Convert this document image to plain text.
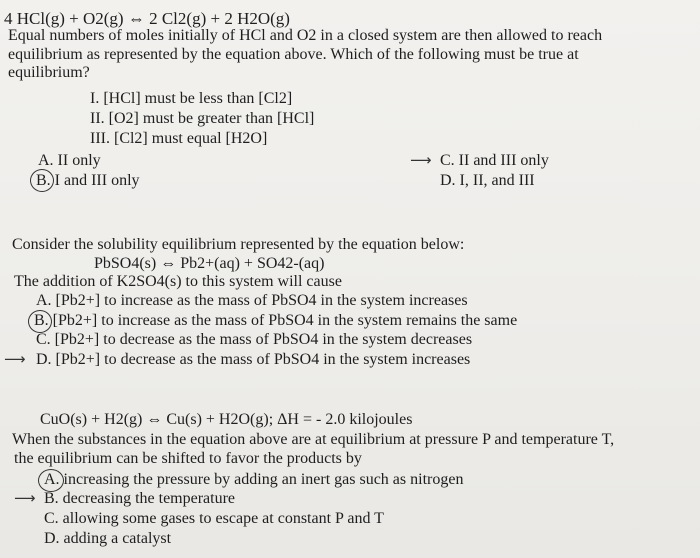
4 HCl(g) + O2(g) ⇔ 2 Cl2(g) + 2 H2O(g)
Equal numbers of moles initially of HCl and O2 in a closed system are then allowed to reach
equilibrium as represented by the equation above. Which of the following must be true at
equilibrium?
I. [HCl] must be less than [Cl2]
II. [O2] must be greater than [HCl]
III. [Cl2] must equal [H2O]
A. II only
B. I and III only
⟶ C. II and III only
D. I, II, and III
Consider the solubility equilibrium represented by the equation below:
PbSO4(s) ⇔ Pb2+(aq) + SO42-(aq)
The addition of K2SO4(s) to this system will cause
A. [Pb2+] to increase as the mass of PbSO4 in the system increases
B. [Pb2+] to increase as the mass of PbSO4 in the system remains the same
C. [Pb2+] to decrease as the mass of PbSO4 in the system decreases
⟶ D. [Pb2+] to decrease as the mass of PbSO4 in the system increases
CuO(s) + H2(g) ⇔ Cu(s) + H2O(g); ΔH = - 2.0 kilojoules
When the substances in the equation above are at equilibrium at pressure P and temperature T,
the equilibrium can be shifted to favor the products by
A. increasing the pressure by adding an inert gas such as nitrogen
⟶ B. decreasing the temperature
C. allowing some gases to escape at constant P and T
D. adding a catalyst
